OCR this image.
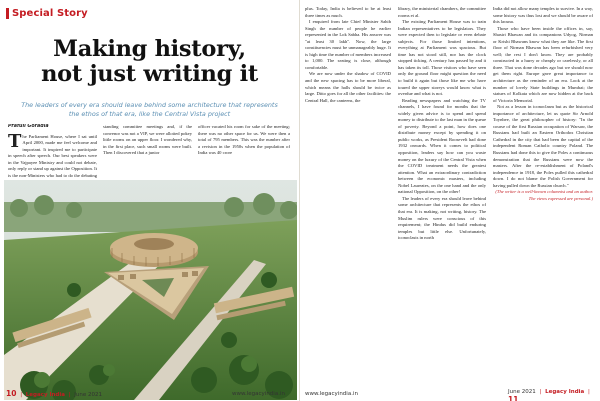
Special Story
Making history,
not just writing it
The leaders of every era should leave behind some architecture that represents
the ethos of that era, like the Central Vista project

Prafull Goradia

The Parliament House, where I sat until April 2000, made me feel welcome and important. It inspired me to participate in speech after speech. Our best speakers were in the Vajpayee Ministry and could not debate, only reply or stand up against the Opposition. It is the non-Ministers who had to do the debating

standing committee meetings and, if the convenor was not a VIP, we were allotted pokey little rooms on an upper floor. I wondered why, in the first place, such small rooms were built. Then I discovered that a junior

officer vacated his room for sake of the meeting; there was no other space for us. We were then a total of 795 members. This was the number after a revision in the 1950s when the population of India was 40 crore

10 | Legacy India | June 2021	www.legacyindia.in

plus. Today, India is believed to be at least three times as much.

I enquired from late Chief Minister Sahib Singh the number of people he earlier represented in the Lok Sabha. His answer was "at least 30 lakh". Now, the large constituencies must be unmanageably huge. It is high time the number of members increased to 1,000. The seating is close, although comfortable.

We are now under the shadow of COVID and the new spacing has to be more liberal, which means the halls should be twice as large. Ditto goes for all the other facilities: the Central Hall, the canteens, the

library, the ministerial chambers, the committee rooms et al.

The existing Parliament House was to train Indian representatives to be legislators. They were expected then to legislate or even debate subjects. For those limited intentions, everything at Parliament was spacious. But time has not stood still, nor has the clock stopped ticking. A century has passed by and it has taken its toll. Those visitors who have seen only the ground floor might question the need to build it again but those like me who have toured the upper storeys would know what is overdue and what is not.

Reading newspapers and watching the TV channels, I have found for months that the widely given advice is to spend and spend money to distribute to the last man in the queue of poverty. Beyond a point, how does one distribute money except by spending it on public works, as President Roosevelt had done 1932 onwards. When it comes to political opposition, leaders say how can you waste money on the luxury of the Central Vista when the COVID treatment needs the greatest attention. What an extraordinary contradiction between the economic masters, including Nobel Laureates, on the one hand and the only national Opposition, on the other!

The leaders of every era should leave behind some architecture that represents the ethos of that era. It is making, not writing, history. The Muslim rulers were conscious of this requirement; the Hindus did build enduring temples but little else. Unfortunately, iconoclasts in north

India did not allow many temples to survive. In a way, some history was thus lost and we should be aware of this lacuna.

Those who have been inside the offices in, say, Shastri Bhawan and its companions Udyog, Nirman or Krishi Bhawans know what they are like. The first floor of Nirman Bhawan has been refurbished very well; the rest I don't know. They are probably constructed in a hurry or cheaply or carelessly, or all three. That was done decades ago but we should now get them right. Europe gave great importance to architecture as the reminder of an era. Look at the number of lovely State buildings in Mumbai; the statues of Kolkata which are now hidden at the back of Victoria Memorial.

Not as a lesson in iconoclasm but as the historical importance of architecture, let us quote Sir Arnold Toynbee, the great philosopher of history: "In the course of the first Russian occupation of Warsaw, the Russians had built an Eastern Orthodox Christian Cathedral in the city that had been the capital of the independent Roman Catholic country Poland. The Russians had done this to give the Poles a continuous demonstration that the Russians were now the masters. After the re-establishment of Poland's independence in 1918, the Poles pulled this cathedral down. I do not blame the Polish Government for having pulled down the Russian church."

(The writer is a well-known columnist and an author. The views expressed are personal.)

www.legacyindia.in	June 2021 | Legacy India | 11
